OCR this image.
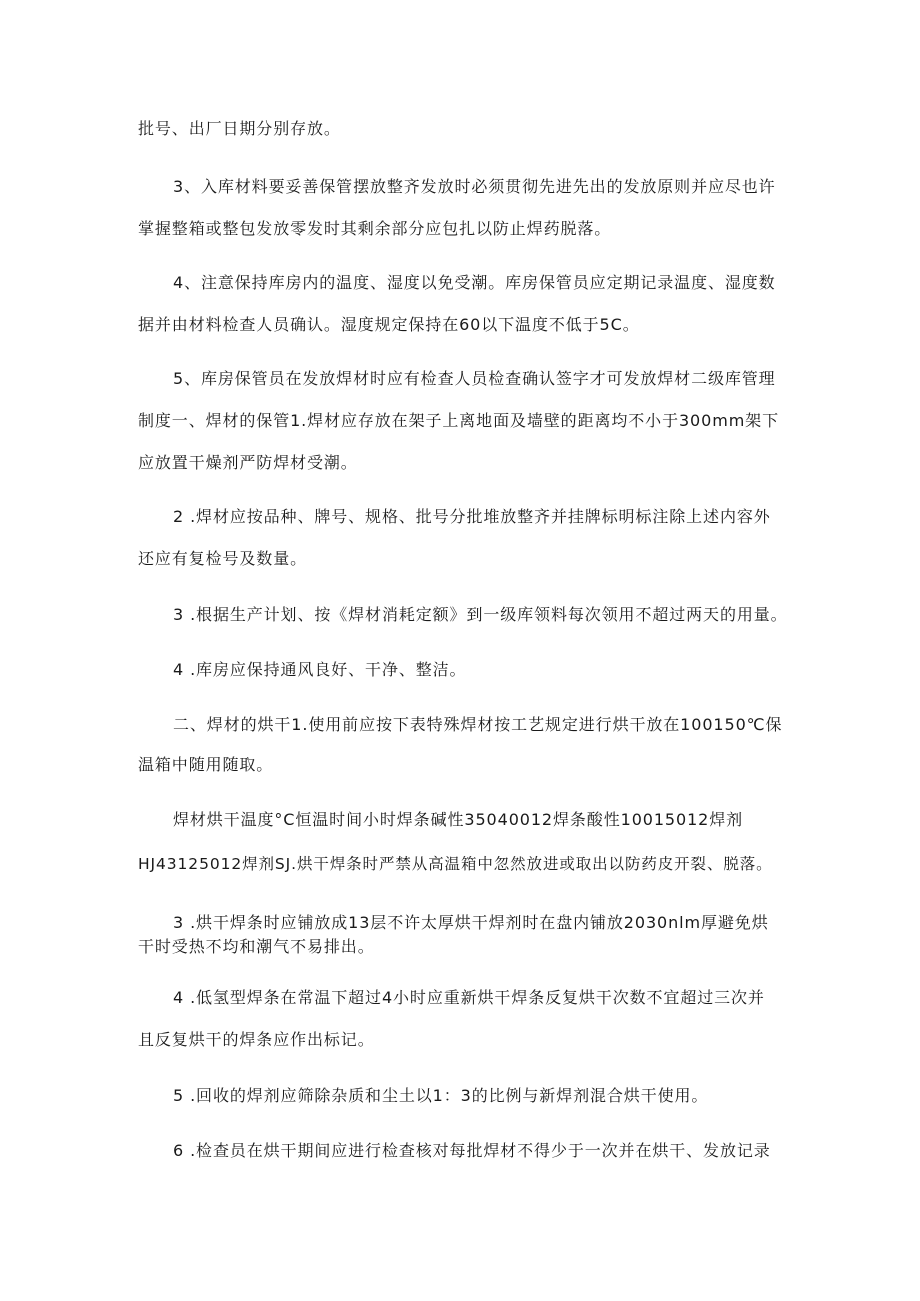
批号、出厂日期分别存放。

3、入库材料要妥善保管摆放整齐发放时必须贯彻先进先出的发放原则并应尽也许

掌握整箱或整包发放零发时其剩余部分应包扎以防止焊药脱落。

4、注意保持库房内的温度、湿度以免受潮。库房保管员应定期记录温度、湿度数

据并由材料检查人员确认。湿度规定保持在60以下温度不低于5C。

5、库房保管员在发放焊材时应有检查人员检查确认签字才可发放焊材二级库管理

制度一、焊材的保管1.焊材应存放在架子上离地面及墙壁的距离均不小于300mm架下

应放置干燥剂严防焊材受潮。

2 .焊材应按品种、牌号、规格、批号分批堆放整齐并挂牌标明标注除上述内容外

还应有复检号及数量。

3 .根据生产计划、按《焊材消耗定额》到一级库领料每次领用不超过两天的用量。

4 .库房应保持通风良好、干净、整洁。

二、焊材的烘干1.使用前应按下表特殊焊材按工艺规定进行烘干放在100150℃保

温箱中随用随取。

焊材烘干温度°C恒温时间小时焊条碱性35040012焊条酸性10015012焊剂

HJ43125012焊剂SJ.烘干焊条时严禁从高温箱中忽然放进或取出以防药皮开裂、脱落。

3 .烘干焊条时应铺放成13层不许太厚烘干焊剂时在盘内铺放2030nlm厚避免烘

干时受热不均和潮气不易排出。

4 .低氢型焊条在常温下超过4小时应重新烘干焊条反复烘干次数不宜超过三次并

且反复烘干的焊条应作出标记。

5 .回收的焊剂应筛除杂质和尘土以1：3的比例与新焊剂混合烘干使用。

6 .检查员在烘干期间应进行检查核对每批焊材不得少于一次并在烘干、发放记录
